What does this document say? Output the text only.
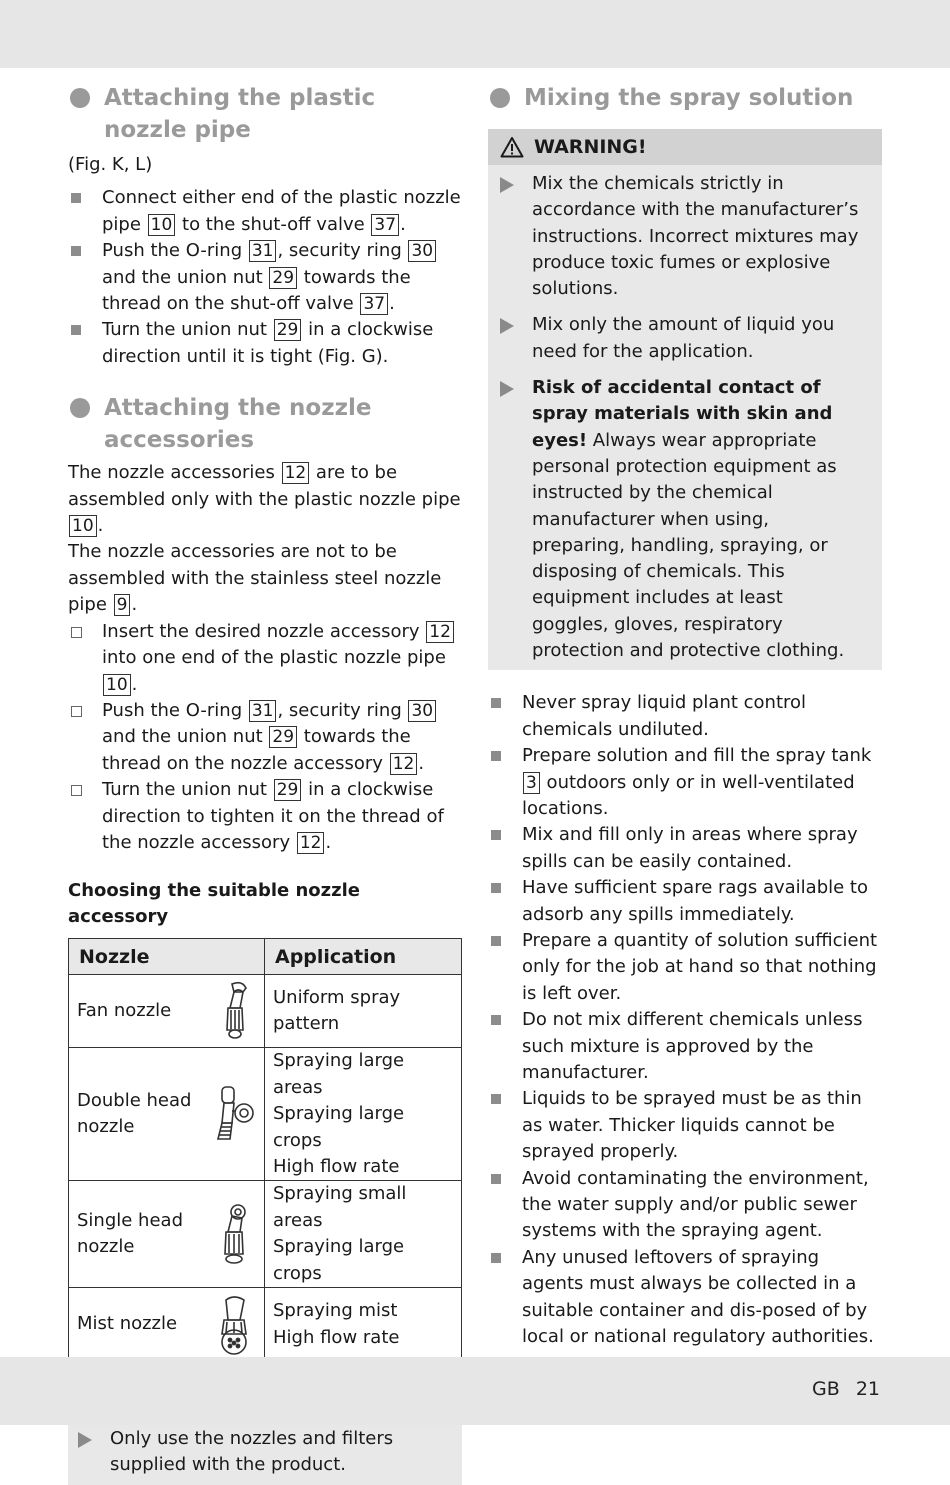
Attaching the plastic nozzle pipe
(Fig. K, L)
Connect either end of the plastic nozzle pipe 10 to the shut-off valve 37 .
Push the O-ring 31 , security ring 30 and the union nut 29 towards the thread on the shut-off valve 37 .
Turn the union nut 29 in a clockwise direction until it is tight (Fig. G).
Attaching the nozzle accessories
The nozzle accessories 12 are to be assembled only with the plastic nozzle pipe 10 .
The nozzle accessories are not to be assembled with the stainless steel nozzle pipe 9 .
Insert the desired nozzle accessory 12 into one end of the plastic nozzle pipe 10 .
Push the O-ring 31 , security ring 30 and the union nut 29 towards the thread on the nozzle accessory 12 .
Turn the union nut 29 in a clockwise direction to tighten it on the thread of the nozzle accessory 12 .
Choosing the suitable nozzle accessory
Nozzle	Application

Fan nozzle	Uniform spray pattern

Double head nozzle	Spraying large areas
Spraying large crops
High flow rate

Single head nozzle	Spraying small areas
Spraying large crops

Mist nozzle	Spraying mist
High flow rate
Only use the nozzles and filters supplied with the product.
Mixing the spray solution
WARNING!
Mix the chemicals strictly in accordance with the manufacturer’s instructions. Incorrect mixtures may produce toxic fumes or explosive solutions.
Mix only the amount of liquid you need for the application.
Risk of accidental contact of spray materials with skin and eyes! Always wear appropriate personal protection equipment as instructed by the chemical manufacturer when using, preparing, handling, spraying, or disposing of chemicals. This equipment includes at least goggles, gloves, respiratory protection and protective clothing.
Never spray liquid plant control chemicals undiluted.
Prepare solution and fill the spray tank 3 outdoors only or in well-ventilated locations.
Mix and fill only in areas where spray spills can be easily contained.
Have sufficient spare rags available to adsorb any spills immediately.
Prepare a quantity of solution sufficient only for the job at hand so that nothing is left over.
Do not mix different chemicals unless such mixture is approved by the manufacturer.
Liquids to be sprayed must be as thin as water. Thicker liquids cannot be sprayed properly.
Avoid contaminating the environment, the water supply and/or public sewer systems with the spraying agent.
Any unused leftovers of spraying agents must always be collected in a suitable container and dis-posed of by local or national regulatory authorities.
GB 21
